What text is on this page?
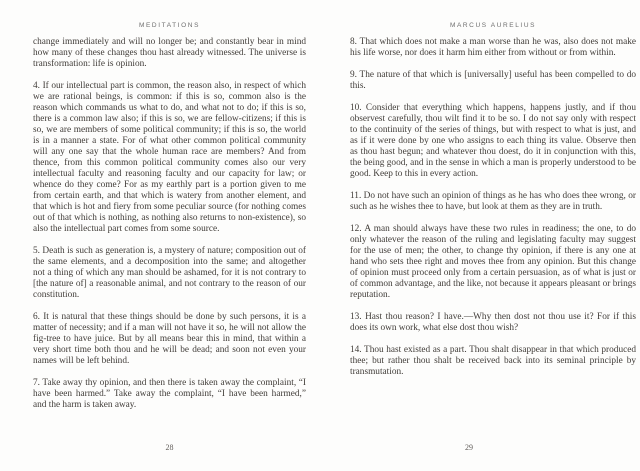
MEDITATIONS

change immediately and will no longer be; and constantly bear in mind how many of these changes thou hast already witnessed. The universe is transformation: life is opinion.

4. If our intellectual part is common, the reason also, in respect of which we are rational beings, is common: if this is so, common also is the reason which commands us what to do, and what not to do; if this is so, there is a common law also; if this is so, we are fellow-citizens; if this is so, we are members of some political community; if this is so, the world is in a manner a state. For of what other common political community will any one say that the whole human race are members? And from thence, from this common political community comes also our very intellectual faculty and reasoning faculty and our capacity for law; or whence do they come? For as my earthly part is a portion given to me from certain earth, and that which is watery from another element, and that which is hot and fiery from some peculiar source (for nothing comes out of that which is nothing, as nothing also returns to non-existence), so also the intellectual part comes from some source.

5. Death is such as generation is, a mystery of nature; composition out of the same elements, and a decomposition into the same; and altogether not a thing of which any man should be ashamed, for it is not contrary to [the nature of] a reasonable animal, and not contrary to the reason of our constitution.

6. It is natural that these things should be done by such persons, it is a matter of necessity; and if a man will not have it so, he will not allow the fig-tree to have juice. But by all means bear this in mind, that within a very short time both thou and he will be dead; and soon not even your names will be left behind.

7. Take away thy opinion, and then there is taken away the complaint, “I have been harmed.” Take away the complaint, “I have been harmed,” and the harm is taken away.

28
MARCUS AURELIUS

8. That which does not make a man worse than he was, also does not make his life worse, nor does it harm him either from without or from within.

9. The nature of that which is [universally] useful has been compelled to do this.

10. Consider that everything which happens, happens justly, and if thou observest carefully, thou wilt find it to be so. I do not say only with respect to the continuity of the series of things, but with respect to what is just, and as if it were done by one who assigns to each thing its value. Observe then as thou hast begun; and whatever thou doest, do it in conjunction with this, the being good, and in the sense in which a man is properly understood to be good. Keep to this in every action.

11. Do not have such an opinion of things as he has who does thee wrong, or such as he wishes thee to have, but look at them as they are in truth.

12. A man should always have these two rules in readiness; the one, to do only whatever the reason of the ruling and legislating faculty may suggest for the use of men; the other, to change thy opinion, if there is any one at hand who sets thee right and moves thee from any opinion. But this change of opinion must proceed only from a certain persuasion, as of what is just or of common advantage, and the like, not because it appears pleasant or brings reputation.

13. Hast thou reason? I have.—Why then dost not thou use it? For if this does its own work, what else dost thou wish?

14. Thou hast existed as a part. Thou shalt disappear in that which produced thee; but rather thou shalt be received back into its seminal principle by transmutation.

29
